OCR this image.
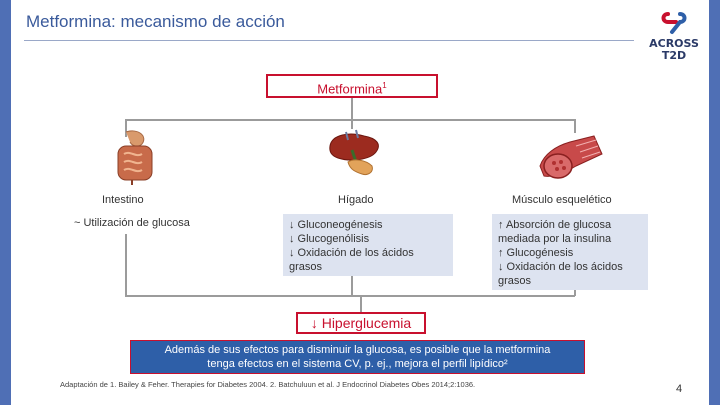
Metformina: mecanismo de acción
ACROSS
T2D
Metformina$^1$
Intestino	Hígado	Músculo esquelético
~ Utilización de glucosa	↓ Gluconeogénesis
↓ Glucogenólisis
↓ Oxidación de los ácidos
grasos
↑ Absorción de glucosa
mediada por la insulina
↑ Glucogénesis
↓ Oxidación de los ácidos
grasos
↓ Hiperglucemia
Además de sus efectos para disminuir la glucosa, es posible que la metformina
tenga efectos en el sistema CV, p. ej., mejora el perfil lipídico²
Adaptación de 1. Bailey & Feher. Therapies for Diabetes 2004. 2. Batchuluun et al. J Endocrinol Diabetes Obes 2014;2:1036.	4
